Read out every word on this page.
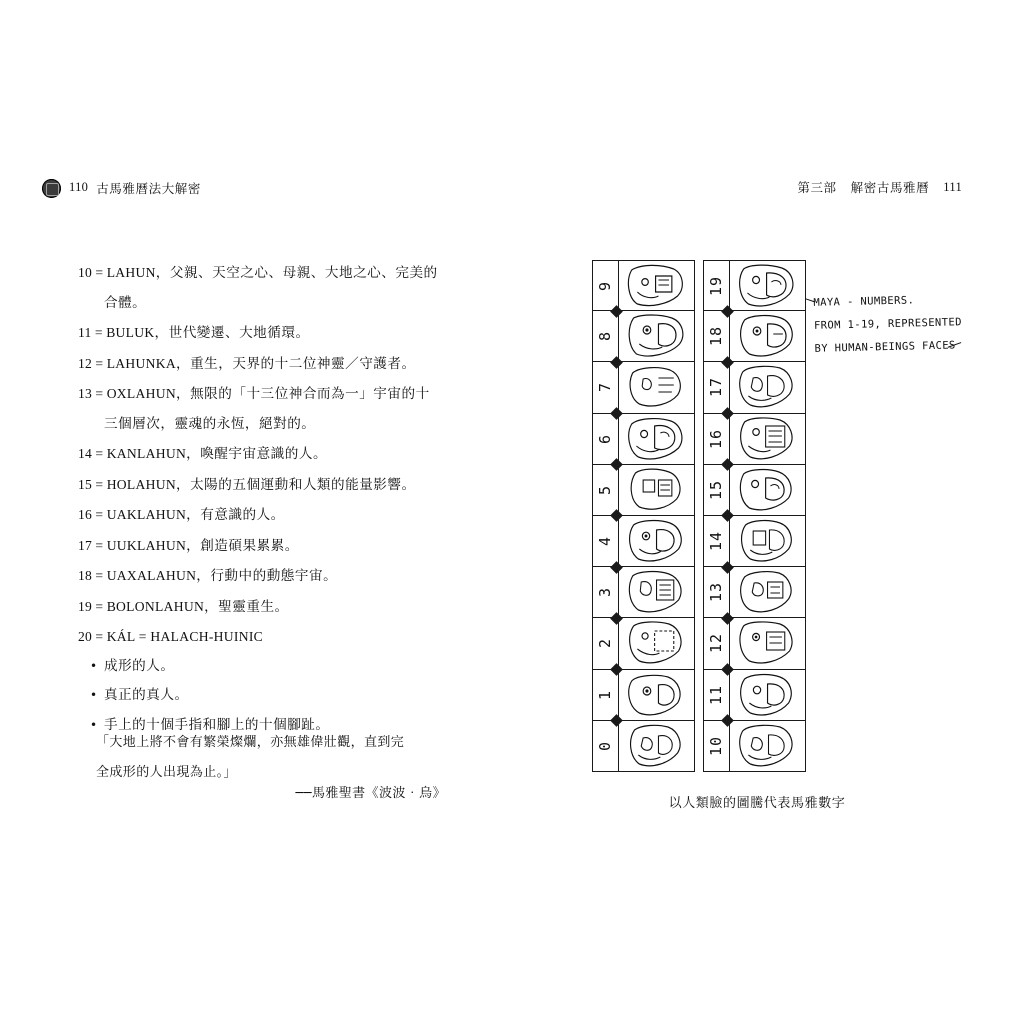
110 古馬雅曆法大解密	第三部 解密古馬雅曆 111
10 = LAHUN，父親、天空之心、母親、大地之心、完美的
合體。
11 = BULUK，世代變遷、大地循環。
12 = LAHUNKA，重生，天界的十二位神靈／守護者。
13 = OXLAHUN，無限的「十三位神合而為一」宇宙的十
三個層次，靈魂的永恆，絕對的。
14 = KANLAHUN，喚醒宇宙意識的人。
15 = HOLAHUN，太陽的五個運動和人類的能量影響。
16 = UAKLAHUN，有意識的人。
17 = UUKLAHUN，創造碩果累累。
18 = UAXALAHUN，行動中的動態宇宙。
19 = BOLONLAHUN，聖靈重生。
20 = KÁL = HALACH-HUINIC
• 成形的人。
• 真正的真人。
• 手上的十個手指和腳上的十個腳趾。
「大地上將不會有繁榮燦爛，亦無雄偉壯觀，直到完
全成形的人出現為止。」
──馬雅聖書《波波‧烏》
9
8
7
6
5
4
3
2
1
0
19
18
17
16
15
14
13
12
11
10
MAYA - NUMBERS.
FROM 1-19, REPRESENTED
BY HUMAN-BEINGS FACES
以人類臉的圖騰代表馬雅數字
